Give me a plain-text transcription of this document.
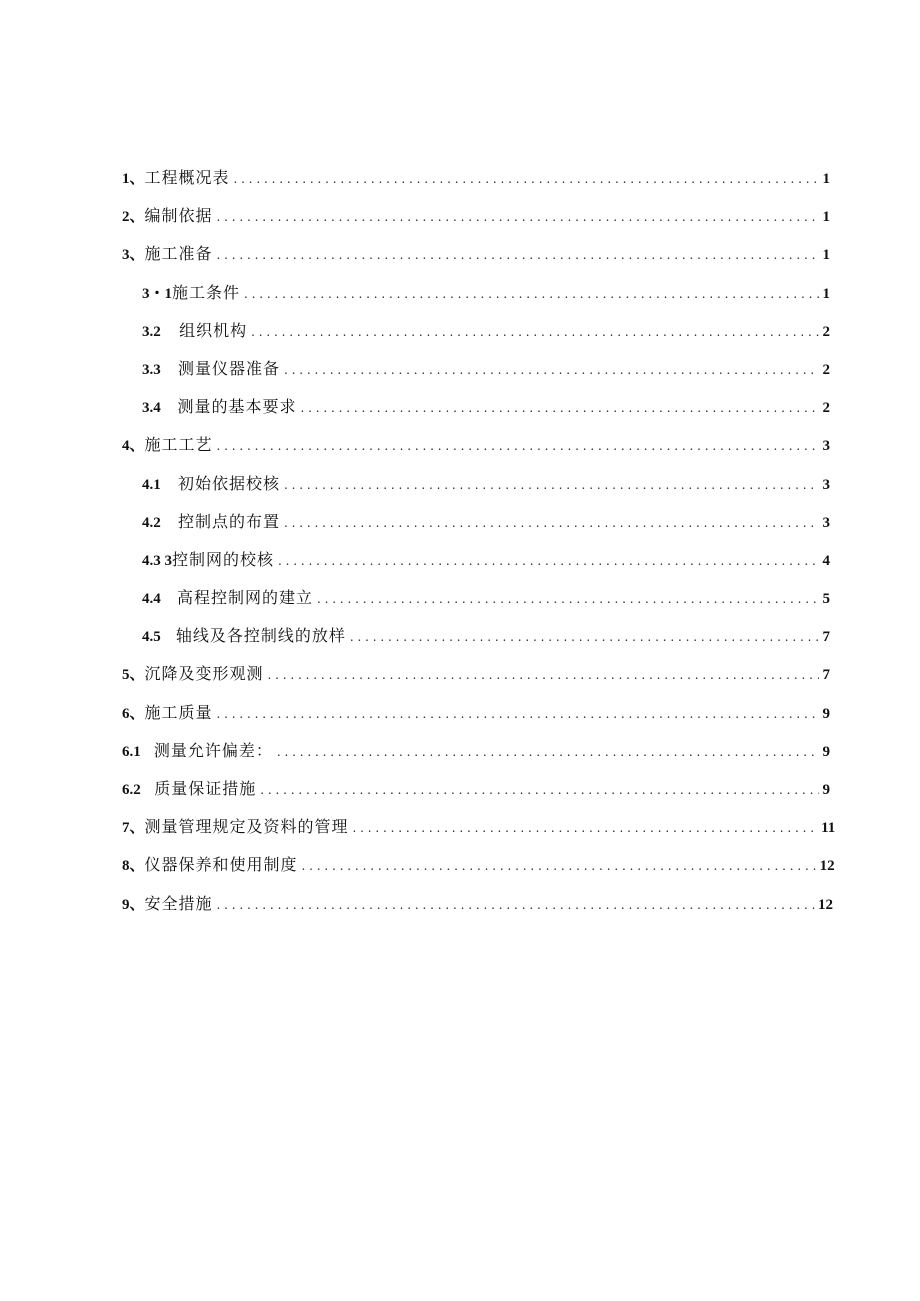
1、 工程概况表 . . .	1
2、 编制依据 . . .	1
3、 施工准备 . . .	1
3・1 施工条件 . . .	1
3.2 组织机构 . . .	2
3.3 测量仪器准备 . . .	2
3.4 测量的基本要求 . . .	2
4、 施工工艺 . . .	3
4.1 初始依据校核 . . .	3
4.2 控制点的布置 . . .	3
4.3 3 控制网的校核 . . .	4
4.4 高程控制网的建立 . . .	5
4.5 轴线及各控制线的放样 . . .	7
5、 沉降及变形观测 . . .	7
6、 施工质量 . . .	9
6.1 测量允许偏差： . . .	9
6.2 质量保证措施 . . .	9
7、 测量管理规定及资料的管理 . . .	11
8、 仪器保养和使用制度 . . .	12
9、 安全措施 . . .	12
